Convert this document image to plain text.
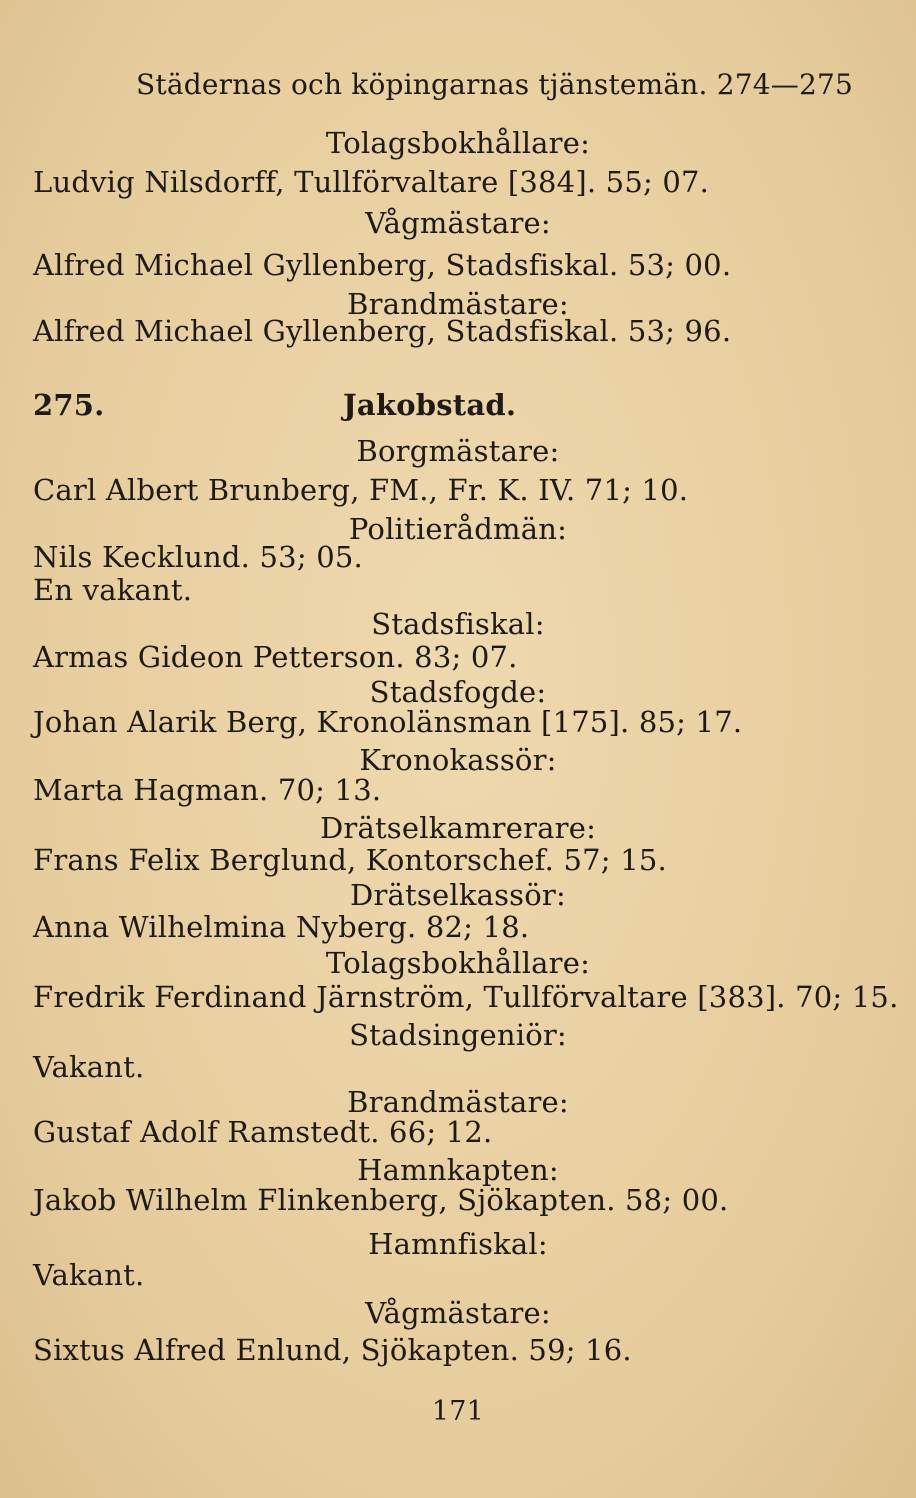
Städernas och köpingarnas tjänstemän. 274—275
Tolagsbokhållare:
Ludvig Nilsdorff, Tullförvaltare [384]. 55; 07.
Vågmästare:
Alfred Michael Gyllenberg, Stadsfiskal. 53; 00.
Brandmästare:
Alfred Michael Gyllenberg, Stadsfiskal. 53; 96.
275.	Jakobstad.
Borgmästare:
Carl Albert Brunberg, FM., Fr. K. IV. 71; 10.
Politierådmän:
Nils Kecklund. 53; 05.
En vakant.
Stadsfiskal:
Armas Gideon Petterson. 83; 07.
Stadsfogde:
Johan Alarik Berg, Kronolänsman [175]. 85; 17.
Kronokassör:
Marta Hagman. 70; 13.
Drätselkamrerare:
Frans Felix Berglund, Kontorschef. 57; 15.
Drätselkassör:
Anna Wilhelmina Nyberg. 82; 18.
Tolagsbokhållare:
Fredrik Ferdinand Järnström, Tullförvaltare [383]. 70; 15.
Stadsingeniör:
Vakant.
Brandmästare:
Gustaf Adolf Ramstedt. 66; 12.
Hamnkapten:
Jakob Wilhelm Flinkenberg, Sjökapten. 58; 00.
Hamnfiskal:
Vakant.
Vågmästare:
Sixtus Alfred Enlund, Sjökapten. 59; 16.
171
